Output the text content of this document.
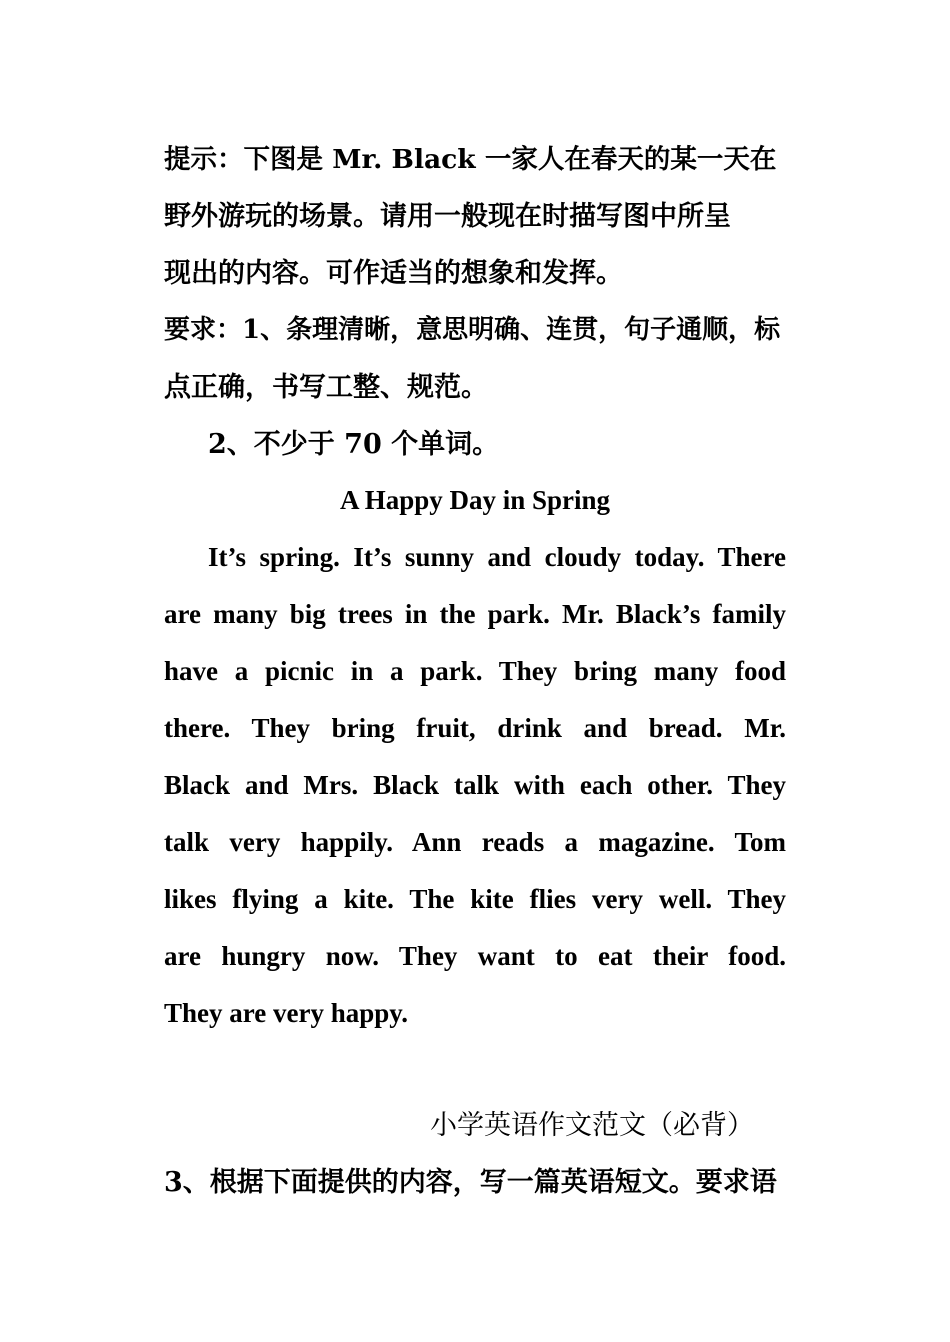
提示：下图是 Mr. Black 一家人在春天的某一天在
野外游玩的场景。请用一般现在时描写图中所呈
现出的内容。可作适当的想象和发挥。
要求：1、条理清晰，意思明确、连贯，句子通顺，标
点正确，书写工整、规范。
2、不少于 70 个单词。
A Happy Day in Spring
It’s spring. It’s sunny and cloudy today. There
are many big trees in the park. Mr. Black’s family
have a picnic in a park. They bring many food
there. They bring fruit, drink and bread. Mr.
Black and Mrs. Black talk with each other. They
talk very happily. Ann reads a magazine. Tom
likes flying a kite. The kite flies very well. They
are hungry now. They want to eat their food.
They are very happy.
小学英语作文范文（必背）
3、根据下面提供的内容，写一篇英语短文。要求语
